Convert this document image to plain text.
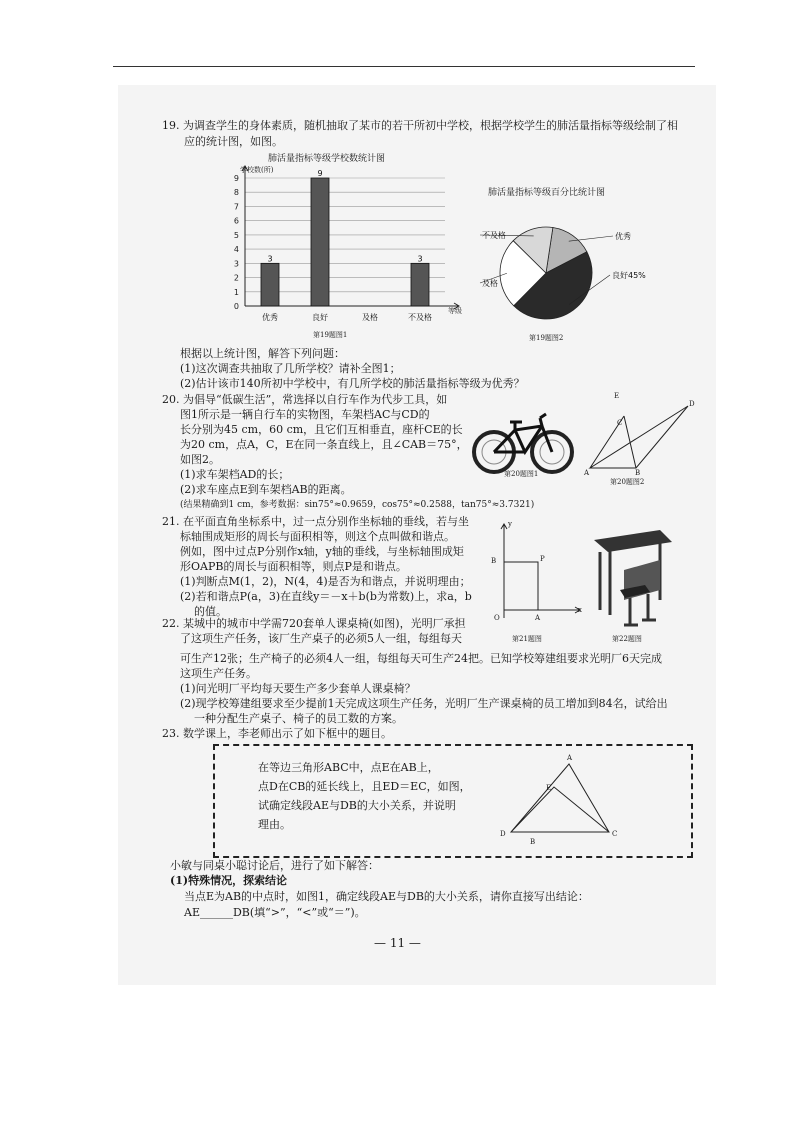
19. 为调查学生的身体素质，随机抽取了某市的若干所初中学校，根据学校学生的肺活量指标等级绘制了相
应的统计图，如图。
肺活量指标等级学校数统计图
学校数(所)
0
1
2
3
4
5
6
7
8
9
3
优秀
9
良好	及格
3
不及格
等级
第19题图1
肺活量指标等级百分比统计图
优秀
良好45%
及格
不及格
第19题图2
根据以上统计图，解答下列问题：
(1)这次调查共抽取了几所学校？请补全图1；
(2)估计该市140所初中学校中，有几所学校的肺活量指标等级为优秀？
20. 为倡导“低碳生活”，常选择以自行车作为代步工具，如
图1所示是一辆自行车的实物图，车架档AC与CD的
长分别为45 cm，60 cm，且它们互相垂直，座杆CE的长
为20 cm，点A，C，E在同一条直线上，且∠CAB＝75°，
如图2。
(1)求车架档AD的长；
(2)求车座点E到车架档AB的距离。
(结果精确到1 cm，参考数据：sin75°≈0.9659，cos75°≈0.2588，tan75°≈3.7321)
第20题图1
E
C
D
A	B
第20题图2
21. 在平面直角坐标系中，过一点分别作坐标轴的垂线，若与坐
标轴围成矩形的周长与面积相等，则这个点叫做和谐点。
例如，图中过点P分别作x轴，y轴的垂线，与坐标轴围成矩
形OAPB的周长与面积相等，则点P是和谐点。
(1)判断点M(1，2)，N(4，4)是否为和谐点，并说明理由；
(2)若和谐点P(a，3)在直线y＝－x＋b(b为常数)上，求a，b
的值。
y
x
O	A
B	P
第21题图	第22题图
22. 某城中的城市中学需720套单人课桌椅(如图)，光明厂承担
了这项生产任务，该厂生产桌子的必须5人一组，每组每天
可生产12张；生产椅子的必须4人一组，每组每天可生产24把。已知学校筹建组要求光明厂6天完成
这项生产任务。
(1)问光明厂平均每天要生产多少套单人课桌椅？
(2)现学校筹建组要求至少提前1天完成这项生产任务，光明厂生产课桌椅的员工增加到84名，试给出
一种分配生产桌子、椅子的员工数的方案。
23. 数学课上，李老师出示了如下框中的题目。
在等边三角形ABC中，点E在AB上，
点D在CB的延长线上，且ED＝EC，如图，
试确定线段AE与DB的大小关系，并说明
理由。
A
E
D
B
C
小敏与同桌小聪讨论后，进行了如下解答：
(1)特殊情况，探索结论
当点E为AB的中点时，如图1，确定线段AE与DB的大小关系，请你直接写出结论：
AE______DB(填“>”，“<”或“＝”)。
— 11 —
